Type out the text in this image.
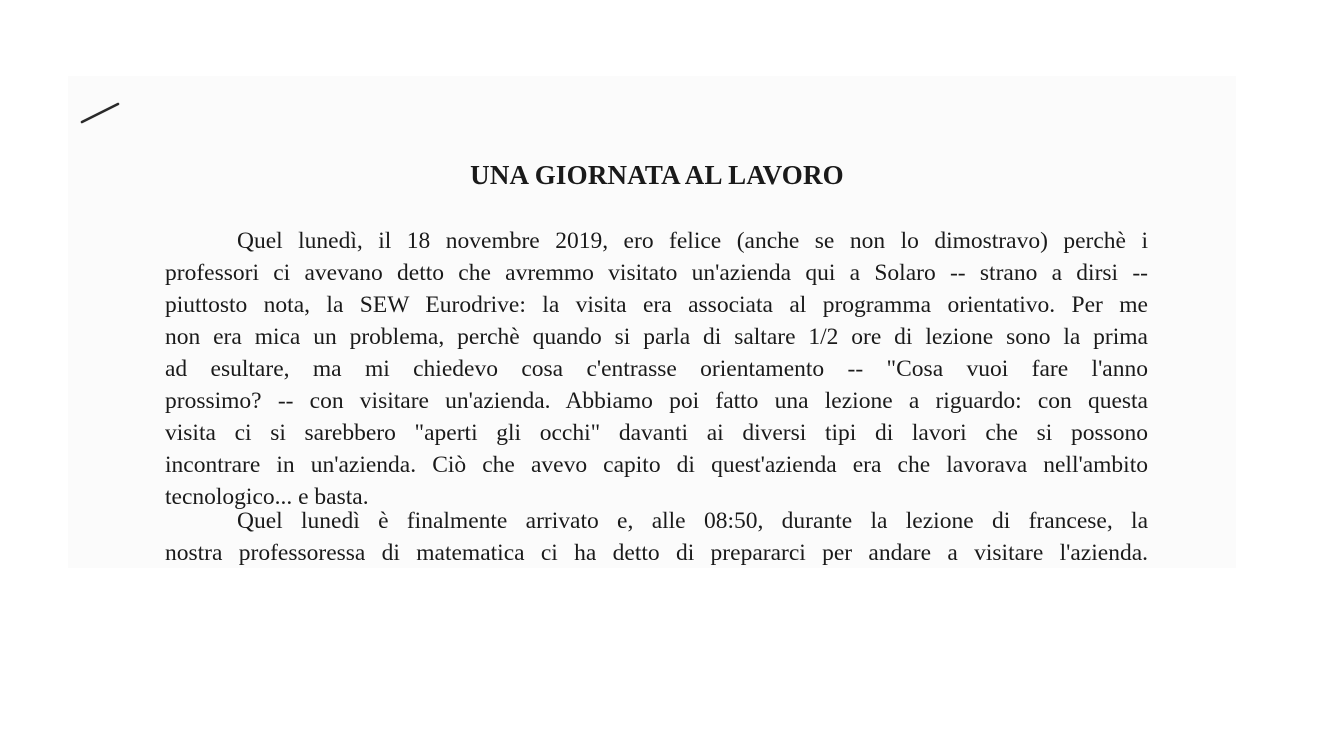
UNA GIORNATA AL LAVORO
Quel lunedì, il 18 novembre 2019, ero felice (anche se non lo dimostravo) perchè i
professori ci avevano detto che avremmo visitato un'azienda qui a Solaro -- strano a dirsi --
piuttosto nota, la SEW Eurodrive: la visita era associata al programma orientativo. Per me
non era mica un problema, perchè quando si parla di saltare 1/2 ore di lezione sono la prima
ad esultare, ma mi chiedevo cosa c'entrasse orientamento -- "Cosa vuoi fare l'anno
prossimo? -- con visitare un'azienda. Abbiamo poi fatto una lezione a riguardo: con questa
visita ci si sarebbero "aperti gli occhi" davanti ai diversi tipi di lavori che si possono
incontrare in un'azienda. Ciò che avevo capito di quest'azienda era che lavorava nell'ambito
tecnologico... e basta.
Quel lunedì è finalmente arrivato e, alle 08:50, durante la lezione di francese, la
nostra professoressa di matematica ci ha detto di prepararci per andare a visitare l'azienda.
